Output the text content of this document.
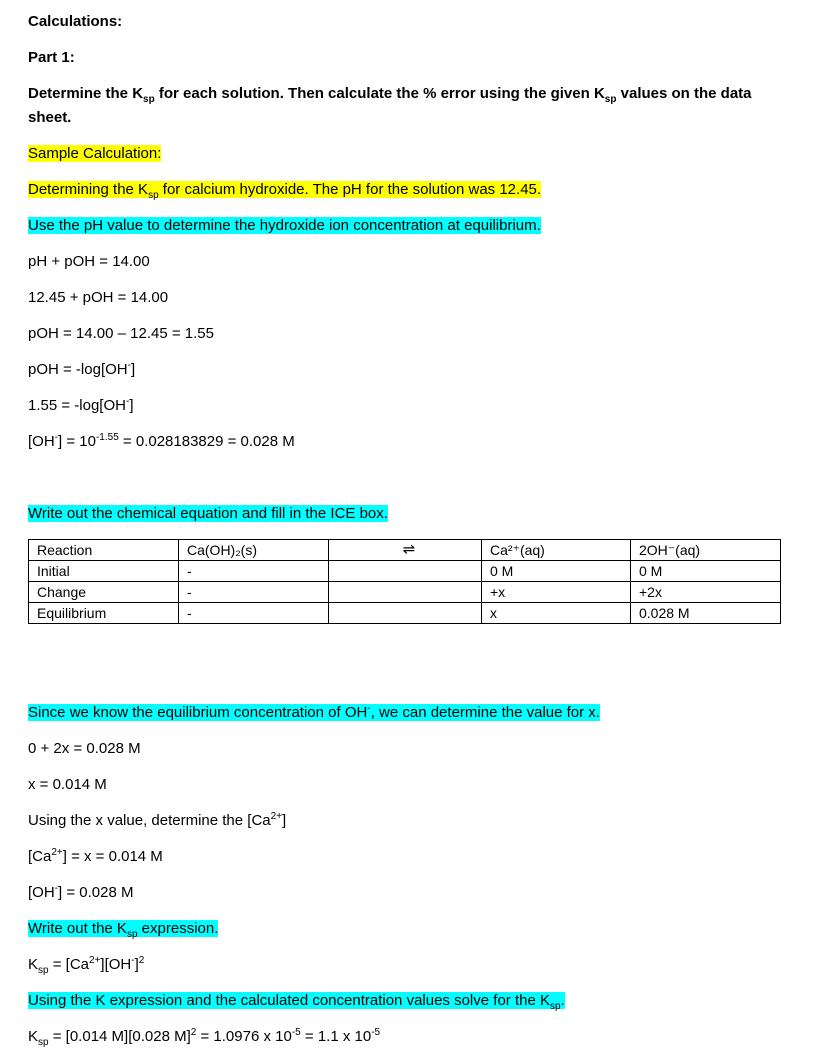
Calculations:
Part 1:
Determine the $K_{sp}$ for each solution. Then calculate the % error using the given $K_{sp}$ values on the data
sheet.
Sample Calculation:
Determining the $K_{sp}$ for calcium hydroxide. The pH for the solution was 12.45.
Use the pH value to determine the hydroxide ion concentration at equilibrium.
pH + pOH = 14.00
12.45 + pOH = 14.00
pOH = 14.00 – 12.45 = 1.55
pOH = -log[OH-]
1.55 = -log[OH-]
$[OH^-] = 10^{-1.55} = 0.028183829 = 0.028$ M
Write out the chemical equation and fill in the ICE box.
Reaction	Ca(OH)₂(s)	⇌	Ca²⁺(aq)	2OH⁻(aq)
Initial	-		0 M	0 M
Change	-		+x	+2x
Equilibrium	-		x	0.028 M
Since we know the equilibrium concentration of OH-, we can determine the value for x.
0 + 2x = 0.028 M
x = 0.014 M
Using the x value, determine the $[Ca^{2+}]$
$[Ca^{2+}] = x = 0.014$ M
[OH-] = 0.028 M
Write out the $K_{sp}$ expression.
$K_{sp} = [Ca^{2+}][OH^-]^2$
Using the K expression and the calculated concentration values solve for the $K_{sp}$.
$K_{sp} = [0.014$ M][0.028 M]$^2$ = 1.0976 x $10^{-5} = 1.1$ x $10^{-5}$
